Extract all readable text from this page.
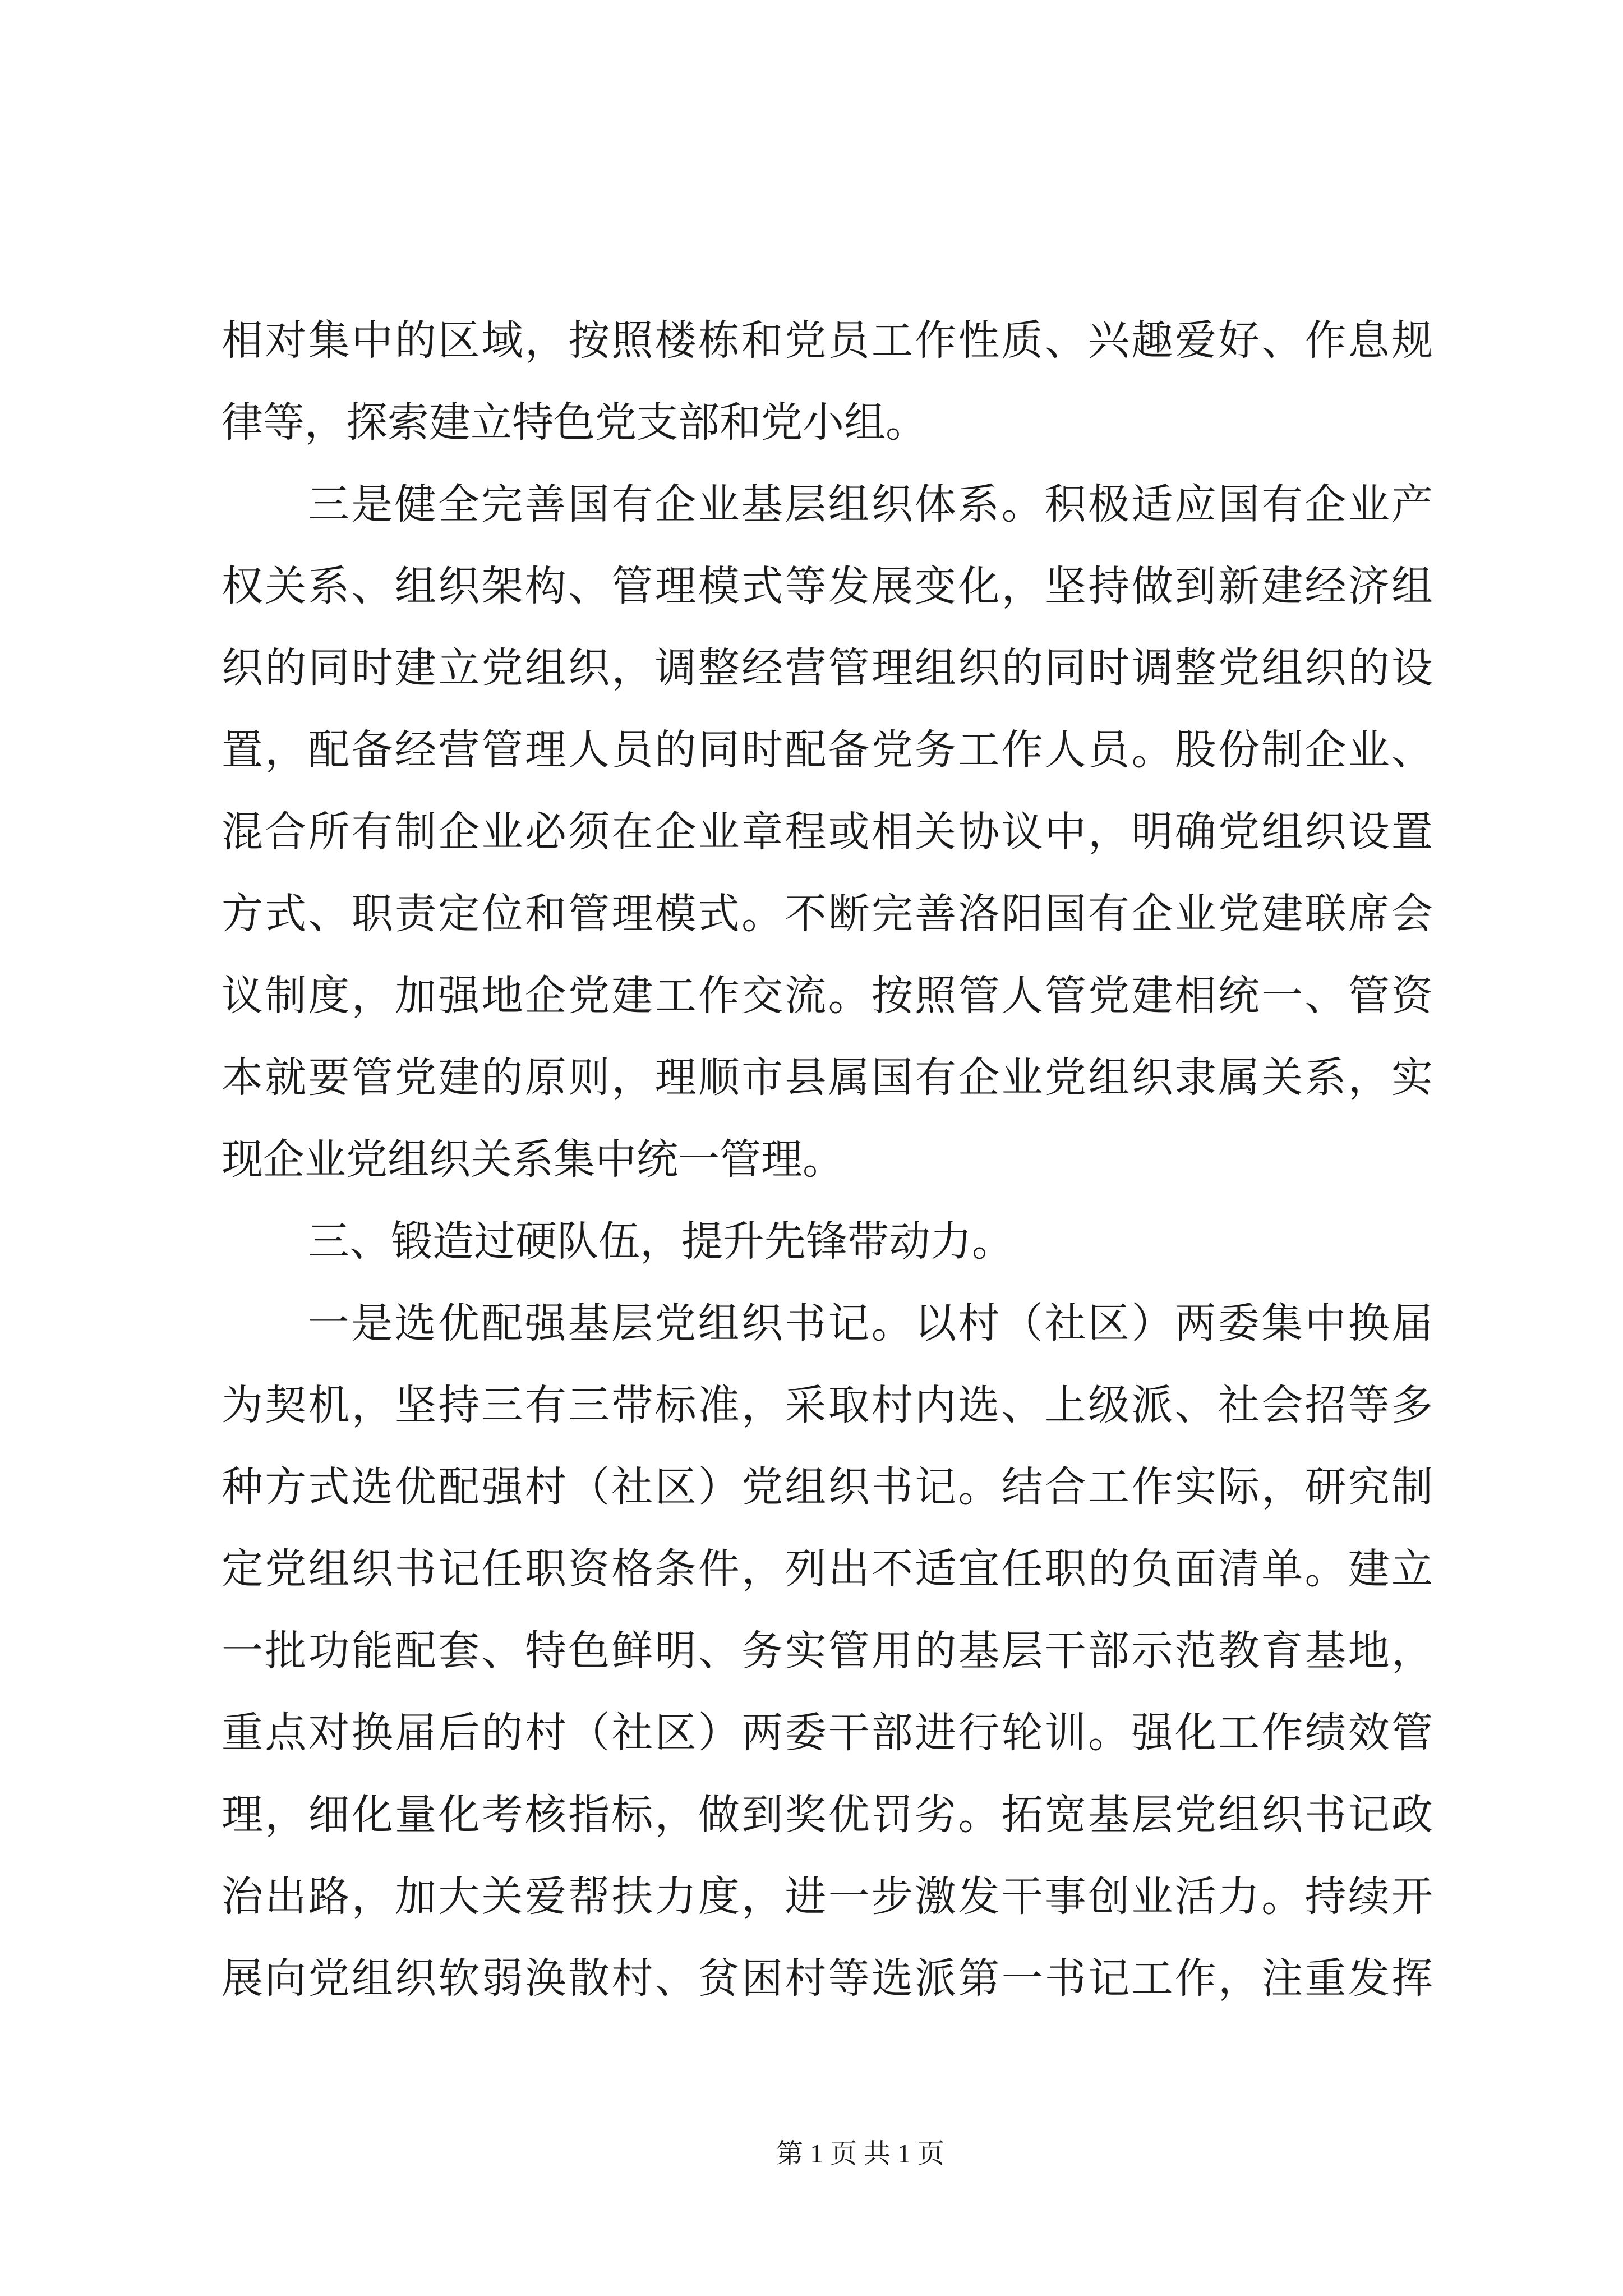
相对集中的区域，按照楼栋和党员工作性质、兴趣爱好、作息规
律等，探索建立特色党支部和党小组。
三是健全完善国有企业基层组织体系。积极适应国有企业产
权关系、组织架构、管理模式等发展变化，坚持做到新建经济组
织的同时建立党组织，调整经营管理组织的同时调整党组织的设
置，配备经营管理人员的同时配备党务工作人员。股份制企业、
混合所有制企业必须在企业章程或相关协议中，明确党组织设置
方式、职责定位和管理模式。不断完善洛阳国有企业党建联席会
议制度，加强地企党建工作交流。按照管人管党建相统一、管资
本就要管党建的原则，理顺市县属国有企业党组织隶属关系，实
现企业党组织关系集中统一管理。
三、锻造过硬队伍，提升先锋带动力。
一是选优配强基层党组织书记。以村（社区）两委集中换届
为契机，坚持三有三带标准，采取村内选、上级派、社会招等多
种方式选优配强村（社区）党组织书记。结合工作实际，研究制
定党组织书记任职资格条件，列出不适宜任职的负面清单。建立
一批功能配套、特色鲜明、务实管用的基层干部示范教育基地，
重点对换届后的村（社区）两委干部进行轮训。强化工作绩效管
理，细化量化考核指标，做到奖优罚劣。拓宽基层党组织书记政
治出路，加大关爱帮扶力度，进一步激发干事创业活力。持续开
展向党组织软弱涣散村、贫困村等选派第一书记工作，注重发挥
第 1 页 共 1 页
